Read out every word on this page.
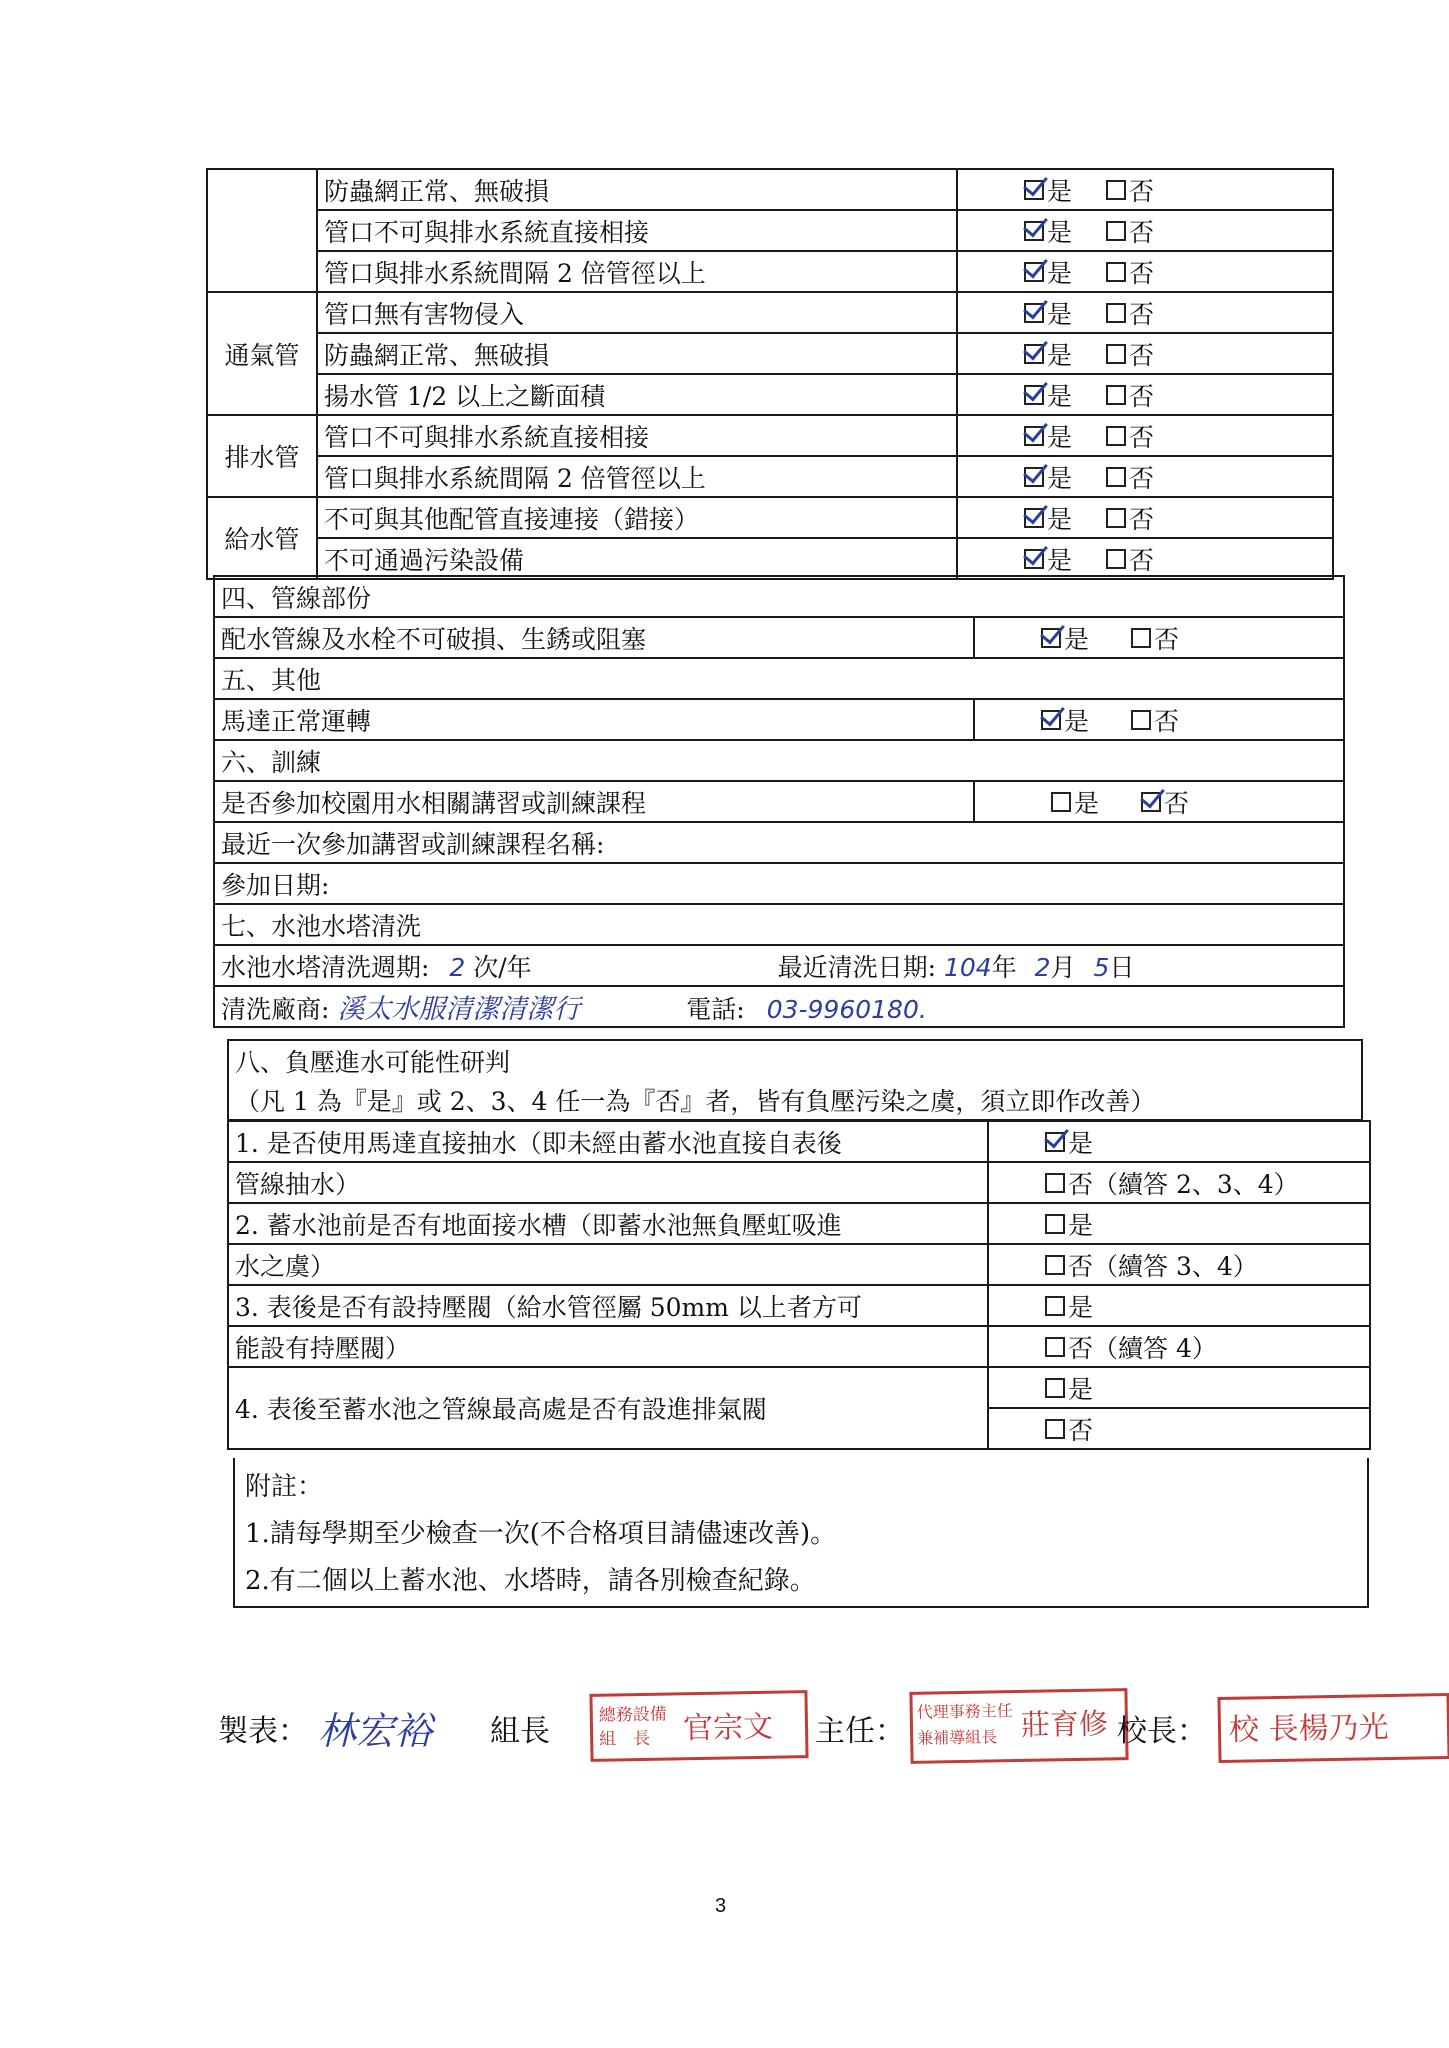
	防蟲網正常、無破損	是 否

	管口不可與排水系統直接相接	是 否

	管口與排水系統間隔 2 倍管徑以上	是 否

通氣管	管口無有害物侵入	是 否

	防蟲網正常、無破損	是 否

	揚水管 1/2 以上之斷面積	是 否

排水管	管口不可與排水系統直接相接	是 否

	管口與排水系統間隔 2 倍管徑以上	是 否

給水管	不可與其他配管直接連接（錯接）	是 否

	不可通過污染設備	是 否
四、管線部份	
配水管線及水栓不可破損、生銹或阻塞	是
否

五、其他	
馬達正常運轉	是
否

六、訓練	
是否參加校園用水相關講習或訓練課程	是
否

最近一次參加講習或訓練課程名稱:	
參加日期:	
七、水池水塔清洗	
水池水塔清洗週期: 2 次/年 最近清洗日期: 104年 2月 5日	
清洗廠商: 溪太水服清潔清潔行 電話: 03-9960180.	
八、負壓進水可能性研判
（凡 1 為『是』或 2、3、4 任一為『否』者，皆有負壓污染之虞，須立即作改善）
1. 是否使用馬達直接抽水（即未經由蓄水池直接自表後	是

管線抽水）	否（續答 2、3、4）

2. 蓄水池前是否有地面接水槽（即蓄水池無負壓虹吸進	是

水之虞）	否（續答 3、4）

3. 表後是否有設持壓閥（給水管徑屬 50mm 以上者方可	是

能設有持壓閥）	否（續答 4）

4. 表後至蓄水池之管線最高處是否有設進排氣閥	是

	否
附註：
1.請每學期至少檢查一次(不合格項目請儘速改善)。
2.有二個以上蓄水池、水塔時，請各別檢查紀錄。
製表： 林宏裕 組長	總務設備
組　長 官宗文 主任：
代理事務主任
兼補導組長 莊育修 校長： 校 長楊乃光
3
